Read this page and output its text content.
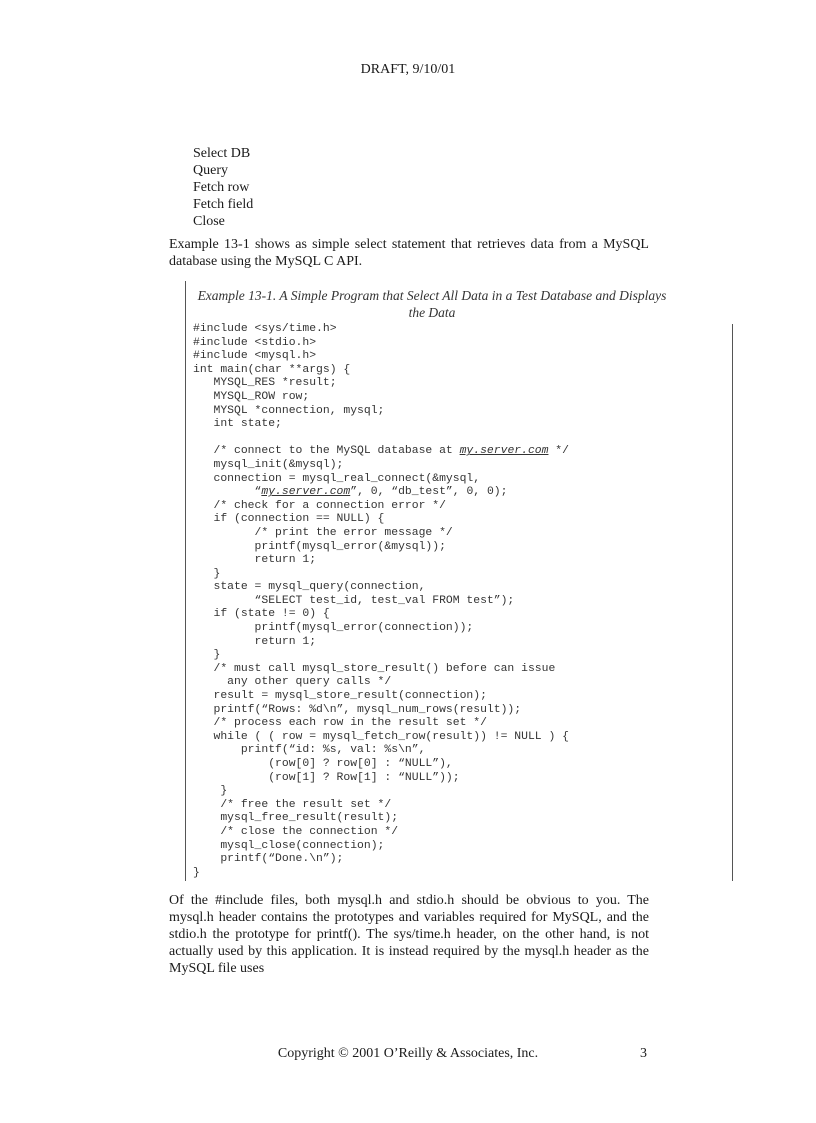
DRAFT, 9/10/01
Select DB
Query
Fetch row
Fetch field
Close

Example 13-1 shows as simple select statement that retrieves data from a MySQL database using the MySQL C API.

Example 13-1. A Simple Program that Select All Data in a Test Database and Displays
the Data
#include <sys/time.h>
#include <stdio.h>
#include <mysql.h>
int main(char **args) {
MYSQL_RES *result;
MYSQL_ROW row;
MYSQL *connection, mysql;
int state;

/* connect to the MySQL database at my.server.com */
mysql_init(&mysql);
connection = mysql_real_connect(&mysql,
“my.server.com”, 0, “db_test”, 0, 0);
/* check for a connection error */
if (connection == NULL) {
/* print the error message */
printf(mysql_error(&mysql));
return 1;
}
state = mysql_query(connection,
“SELECT test_id, test_val FROM test”);
if (state != 0) {
printf(mysql_error(connection));
return 1;
}
/* must call mysql_store_result() before can issue
any other query calls */
result = mysql_store_result(connection);
printf(“Rows: %d\n”, mysql_num_rows(result));
/* process each row in the result set */
while ( ( row = mysql_fetch_row(result)) != NULL ) {
printf(“id: %s, val: %s\n”,
(row[0] ? row[0] : “NULL”),
(row[1] ? Row[1] : “NULL”));
}
/* free the result set */
mysql_free_result(result);
/* close the connection */
mysql_close(connection);
printf(“Done.\n”);
}

Of the #include files, both mysql.h and stdio.h should be obvious to you. The mysql.h header contains the prototypes and variables required for MySQL, and the stdio.h the prototype for printf(). The sys/time.h header, on the other hand, is not actually used by this application. It is instead required by the mysql.h header as the MySQL file uses

Copyright © 2001 O’Reilly & Associates, Inc.	3
